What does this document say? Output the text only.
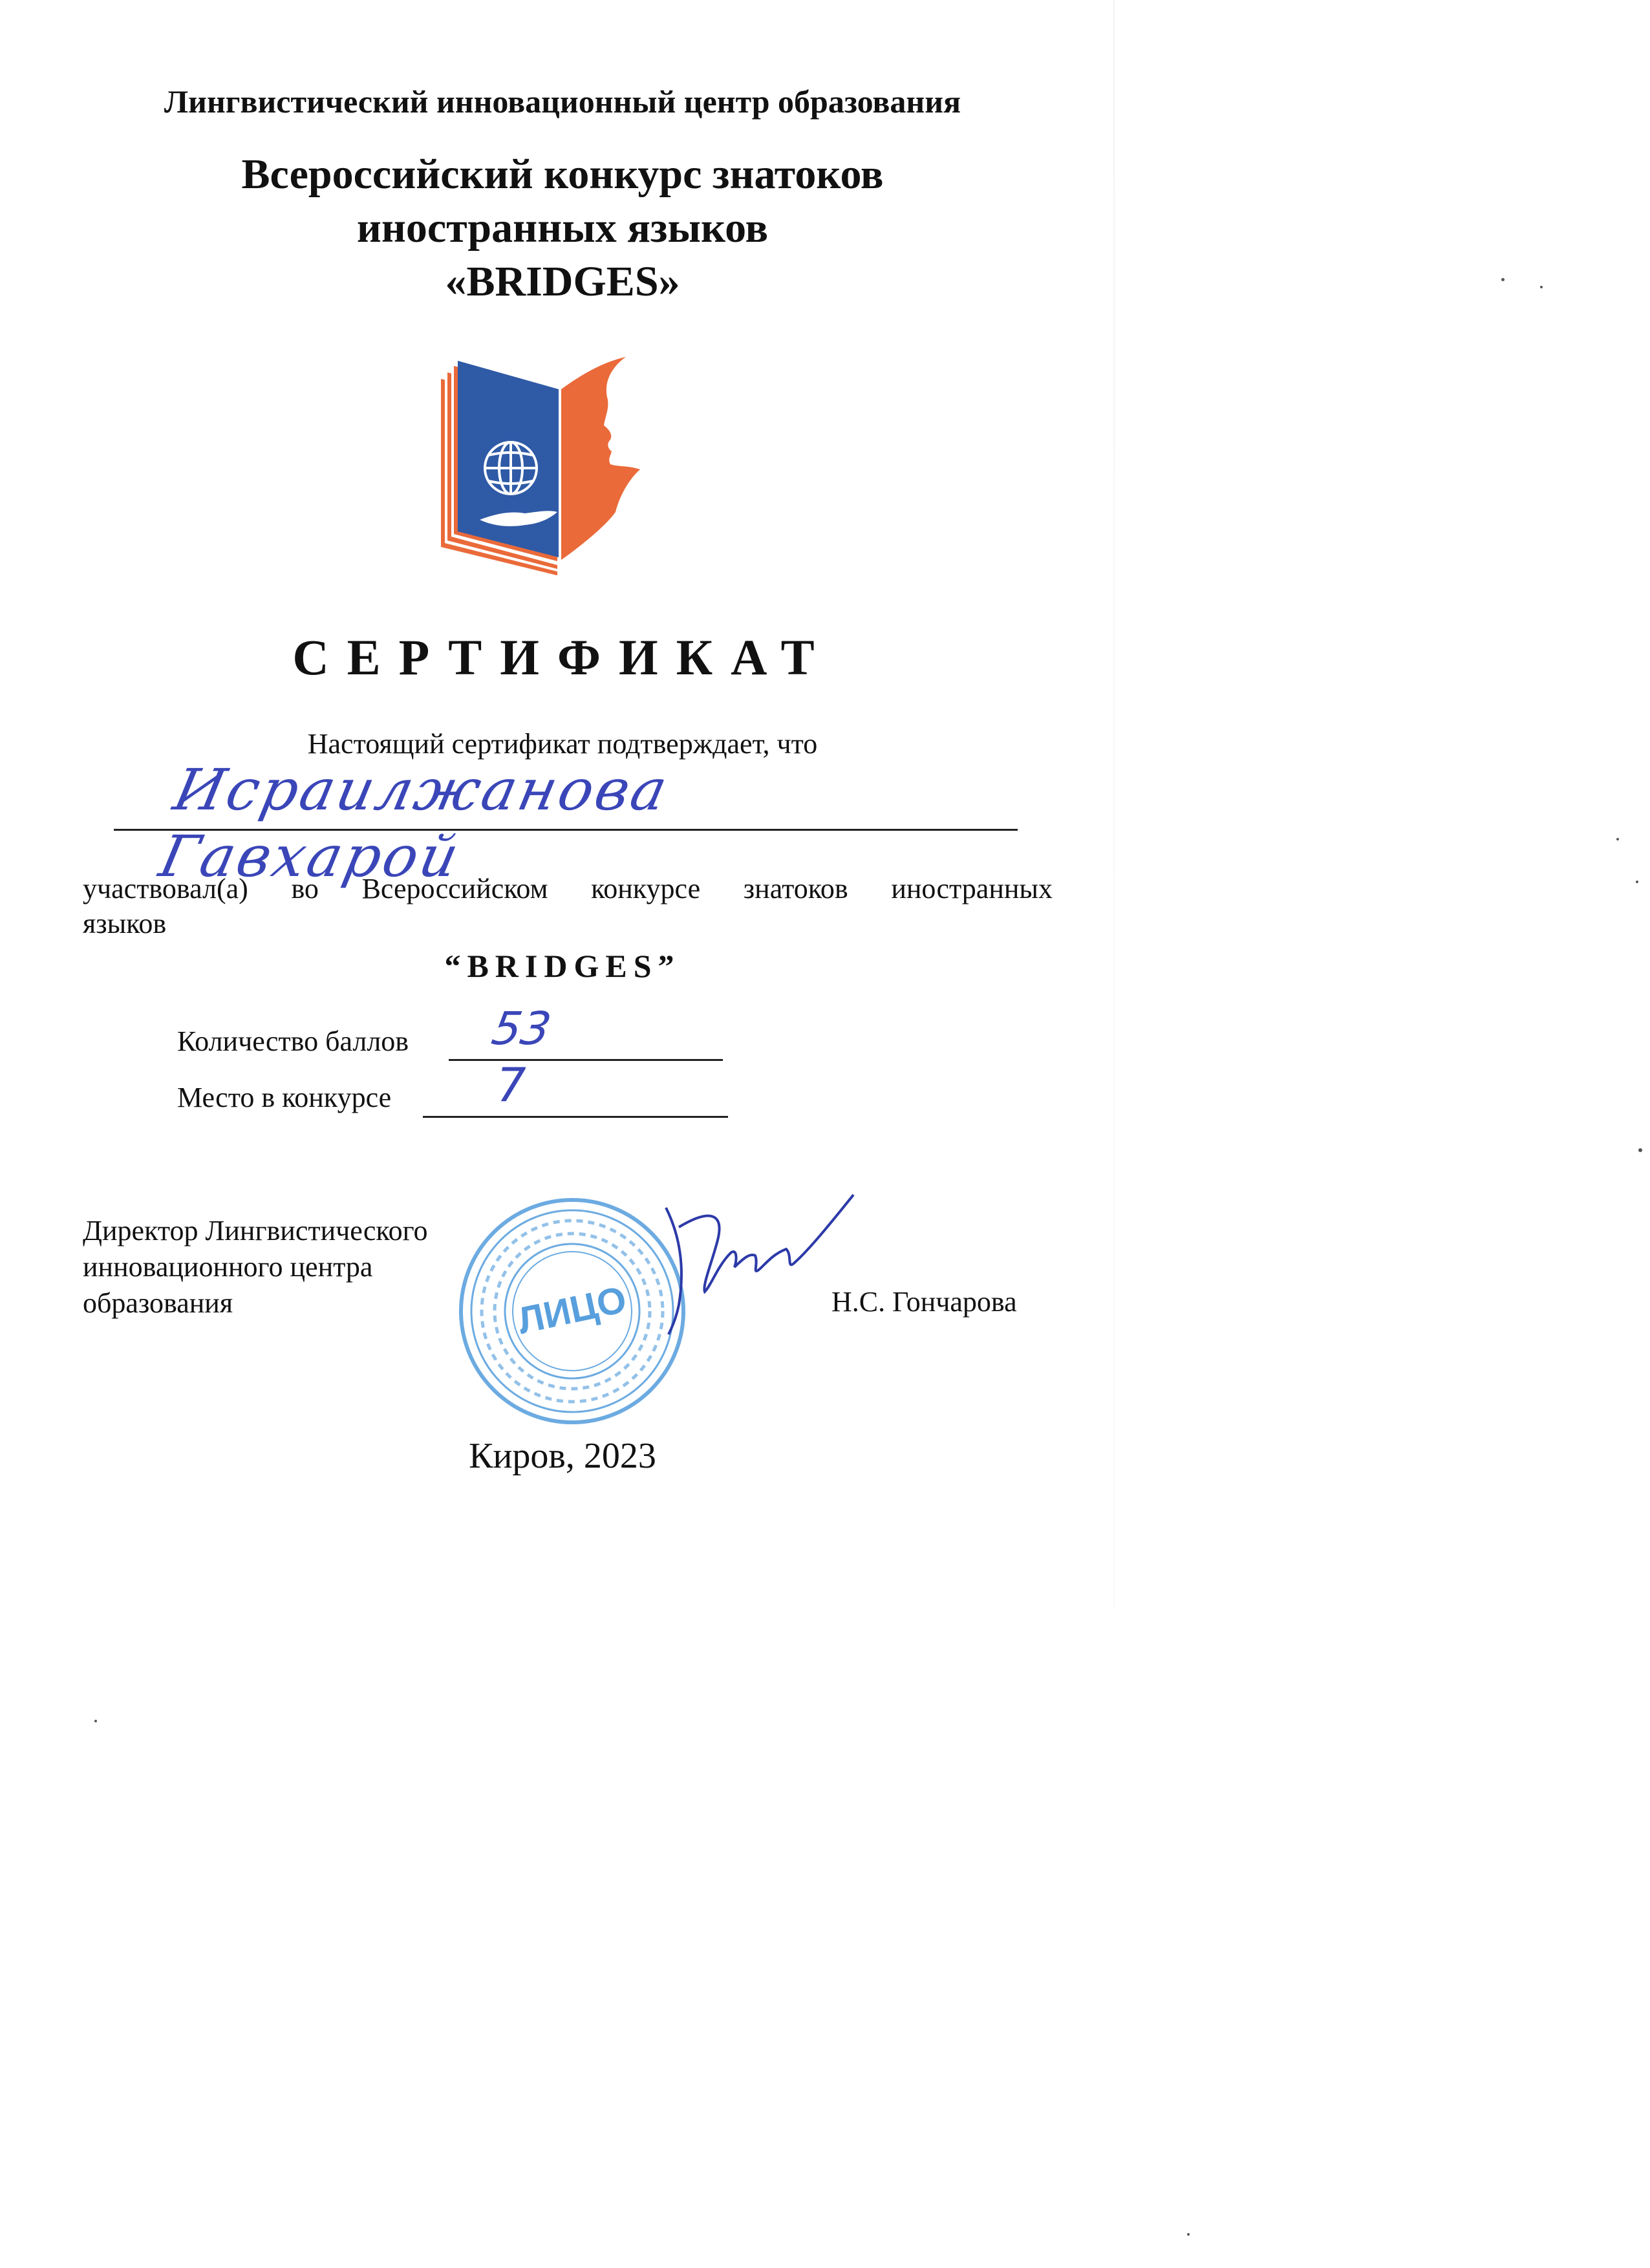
Лингвистический инновационный центр образования
Всероссийский конкурс знатоков
иностранных языков
«BRIDGES»
СЕРТИФИКАТ
Настоящий сертификат подтверждает, что
Исраилжанова Гавхарой
участвовал(а) во Всероссийском конкурсе знатоков иностранных
языков
“BRIDGES”
Количество баллов 53
Место в конкурсе 7
Директор Лингвистического
инновационного центра
образования	ЛИЦО	Н.С. Гончарова
Киров, 2023
